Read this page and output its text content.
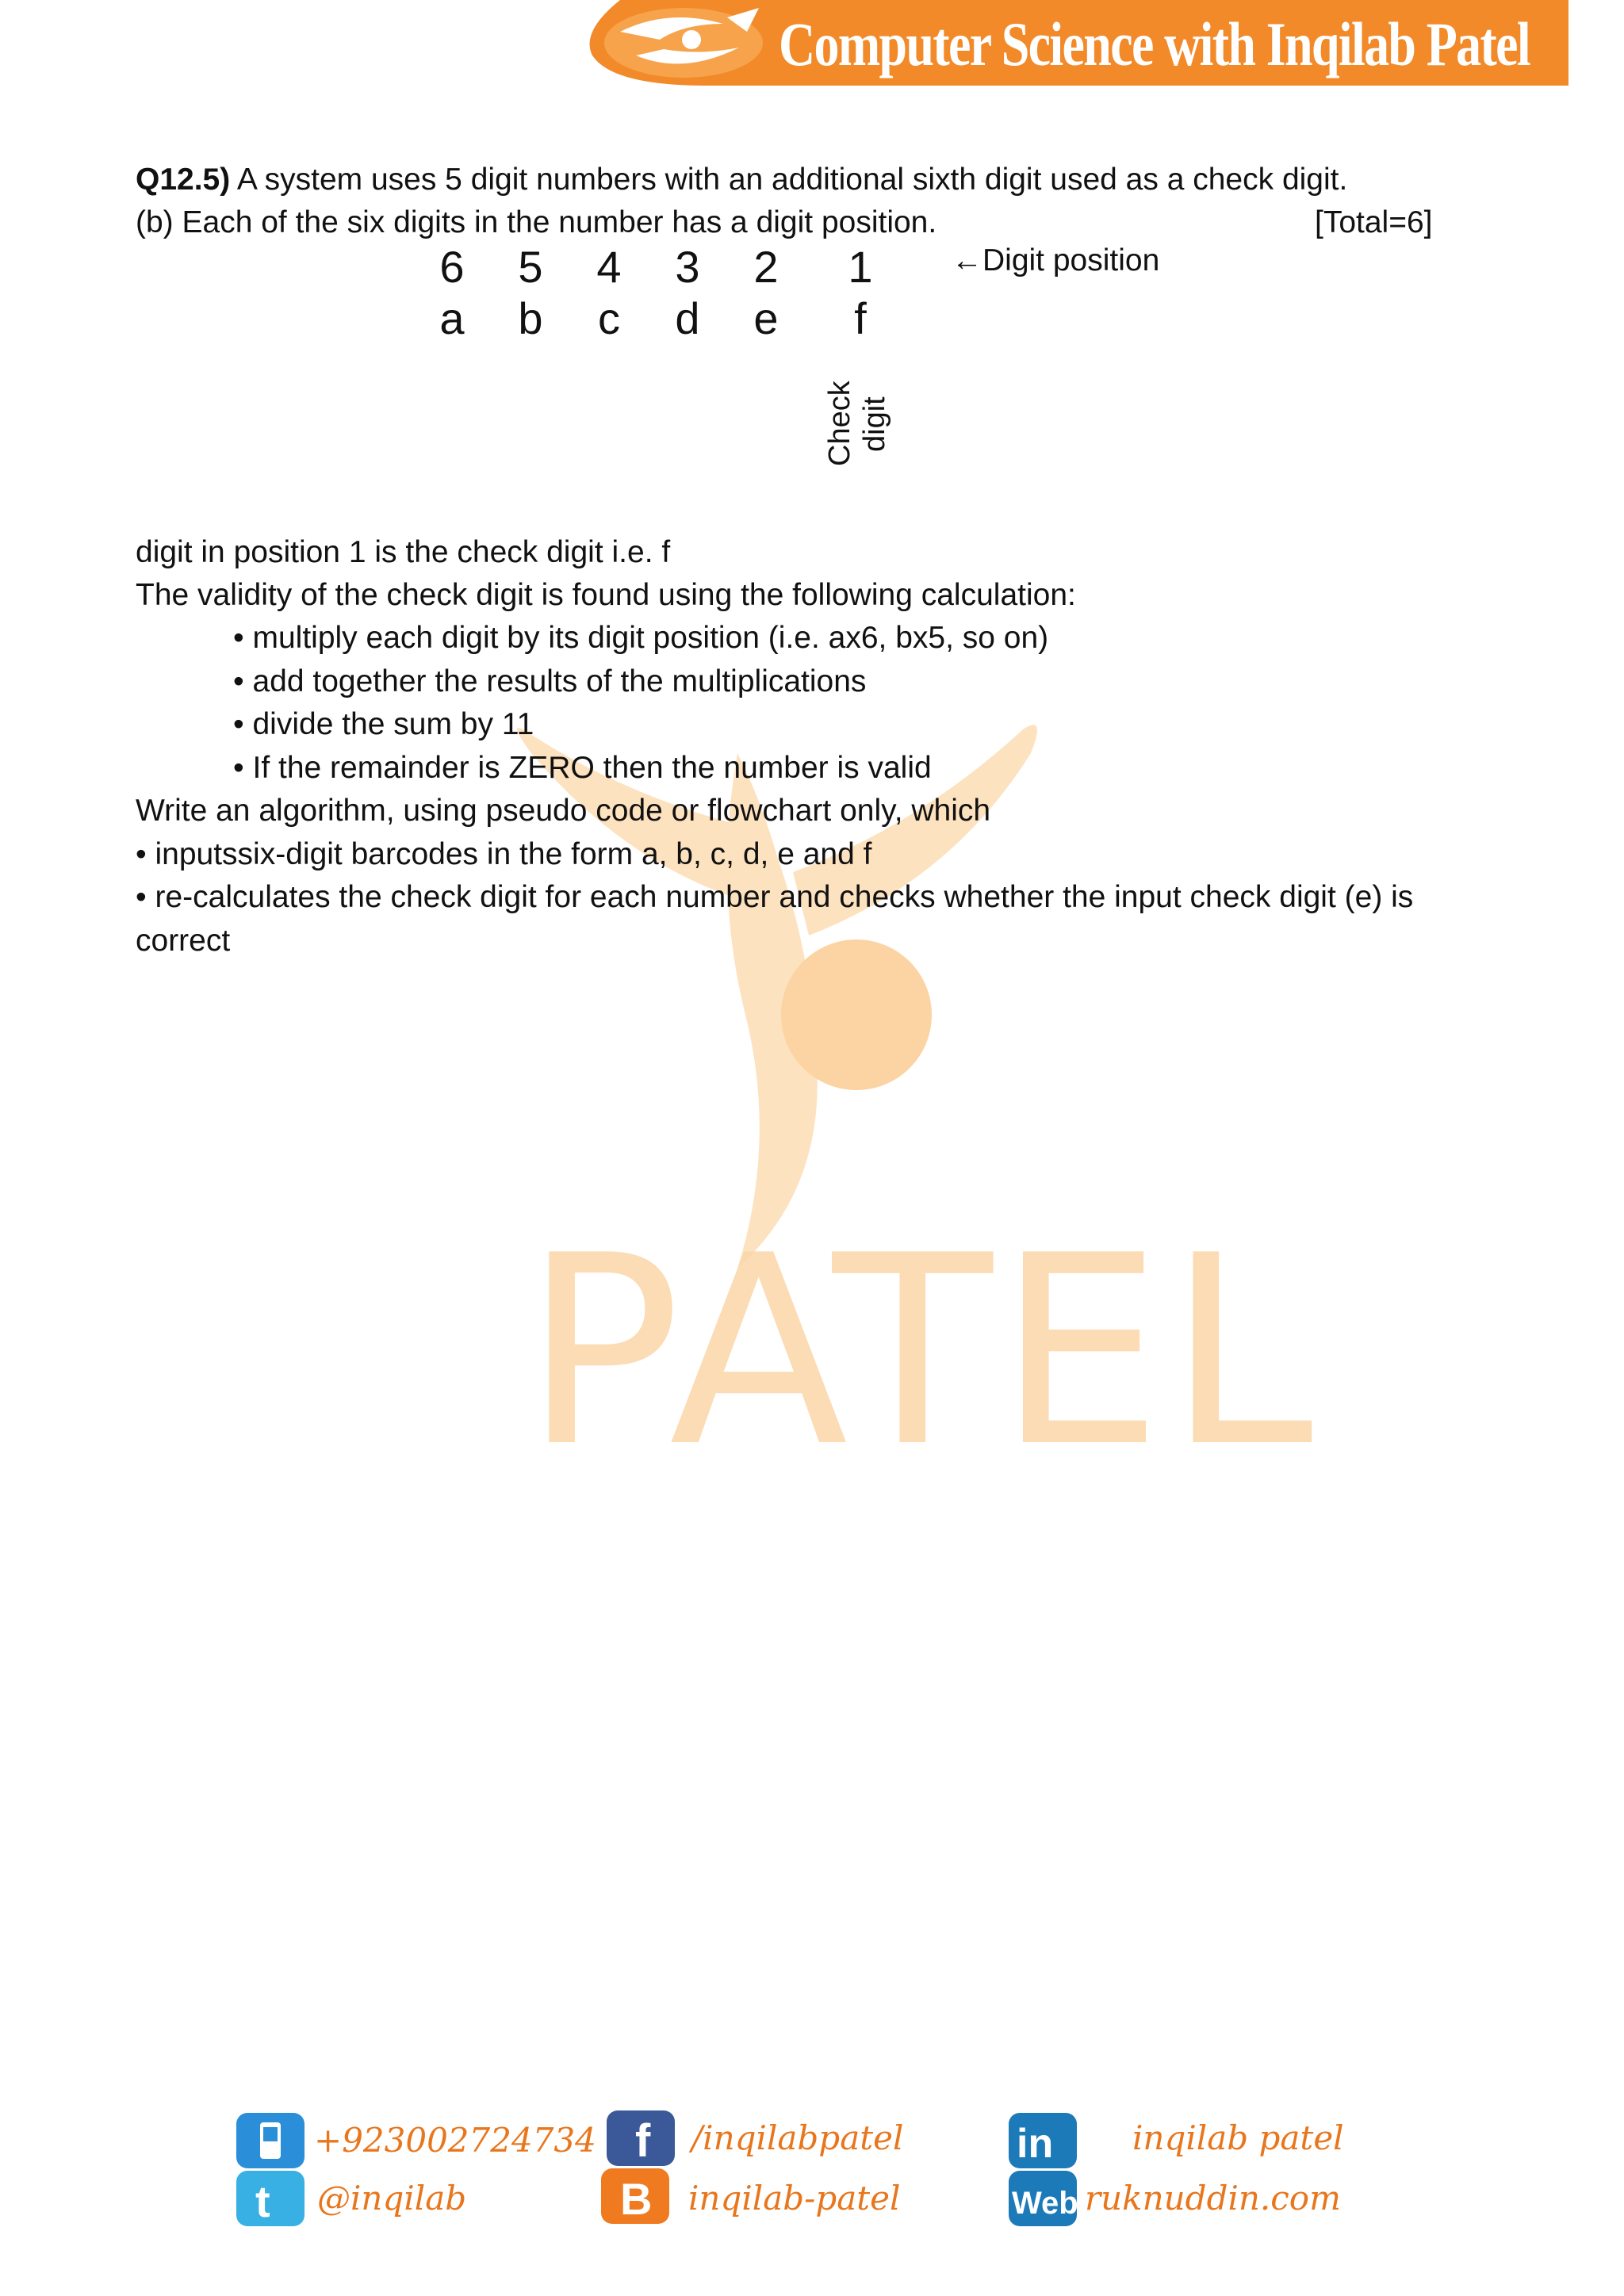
Computer Science with Inqilab Patel
PATEL
Q12.5) A system uses 5 digit numbers with an additional sixth digit used as a check digit.
(b) Each of the six digits in the number has a digit position.	[Total=6]
6 5 4 3 2 1
a b c d e	f
←Digit position
Check digit
digit in position 1 is the check digit i.e. f
The validity of the check digit is found using the following calculation:
• multiply each digit by its digit position (i.e. ax6, bx5, so on)
• add together the results of the multiplications
• divide the sum by 11
• If the remainder is ZERO then the number is valid
Write an algorithm, using pseudo code or flowchart only, which
• inputssix-digit barcodes in the form a, b, c, d, e and f
• re-calculates the check digit for each number and checks whether the input check digit (e) is
correct
+923002724734 f /inqilabpatel	in inqilab patel
t @inqilab	B inqilab-patel	Web ruknuddin.com
